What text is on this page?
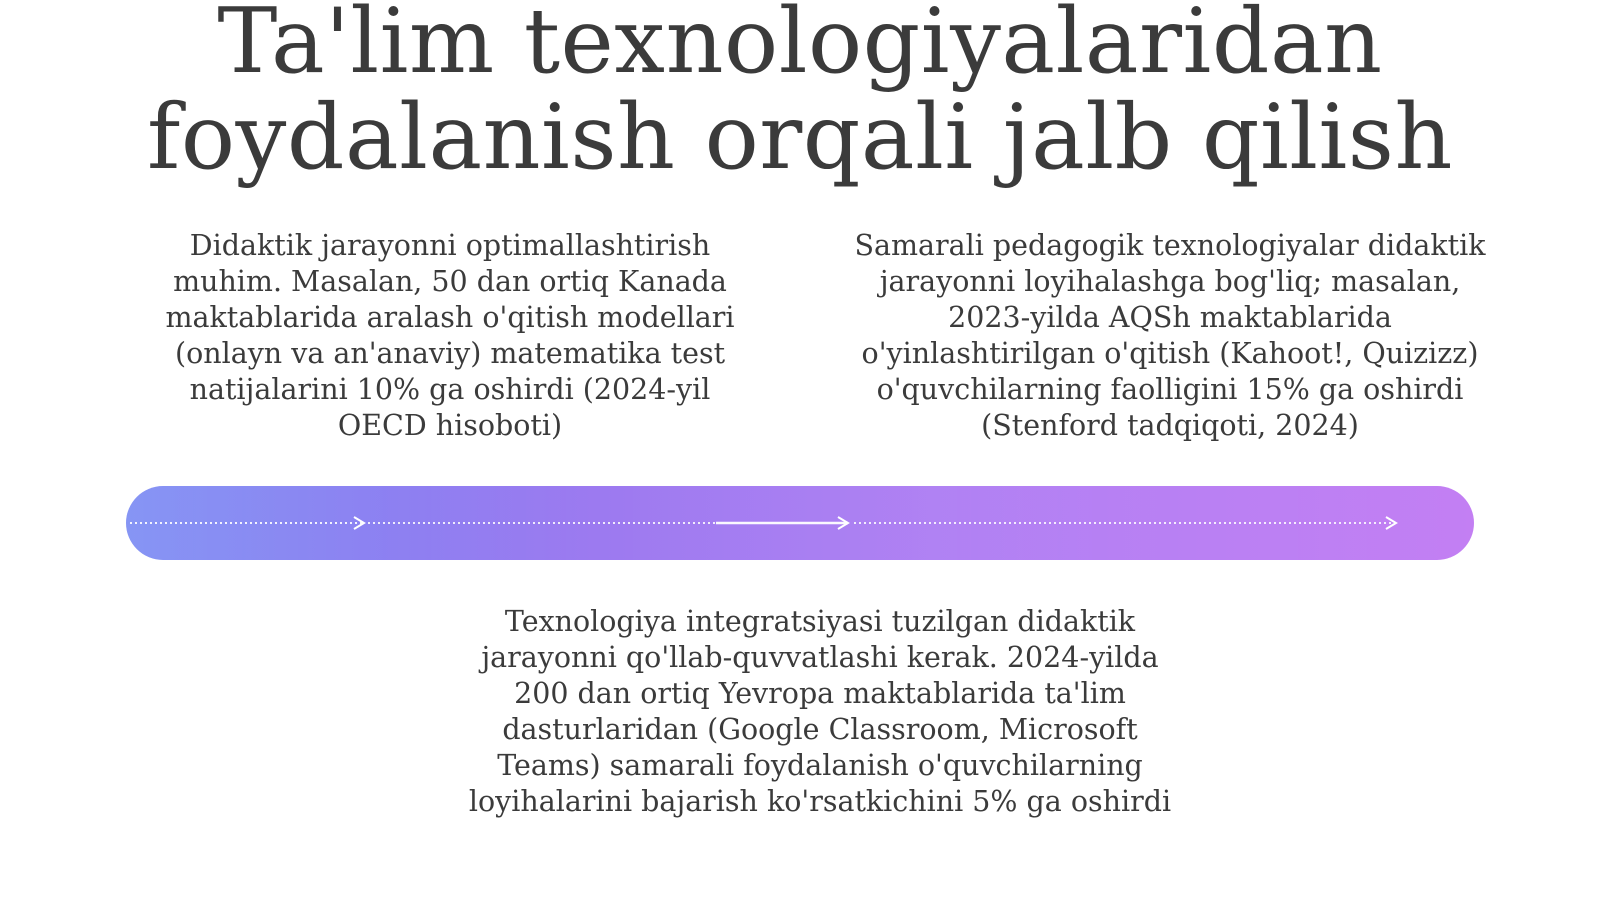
Ta'lim texnologiyalaridan
foydalanish orqali jalb qilish

Didaktik jarayonni optimallashtirish muhim. Masalan, 50 dan ortiq Kanada maktablarida aralash o'qitish modellari (onlayn va an'anaviy) matematika test natijalarini 10% ga oshirdi (2024-yil OECD hisoboti)

Samarali pedagogik texnologiyalar didaktik jarayonni loyihalashga bog'liq; masalan, 2023-yilda AQSh maktablarida o'yinlashtirilgan o'qitish (Kahoot!, Quizizz) o'quvchilarning faolligini 15% ga oshirdi (Stenford tadqiqoti, 2024)

Texnologiya integratsiyasi tuzilgan didaktik jarayonni qo'llab-quvvatlashi kerak. 2024-yilda 200 dan ortiq Yevropa maktablarida ta'lim dasturlaridan (Google Classroom, Microsoft Teams) samarali foydalanish o'quvchilarning loyihalarini bajarish ko'rsatkichini 5% ga oshirdi
